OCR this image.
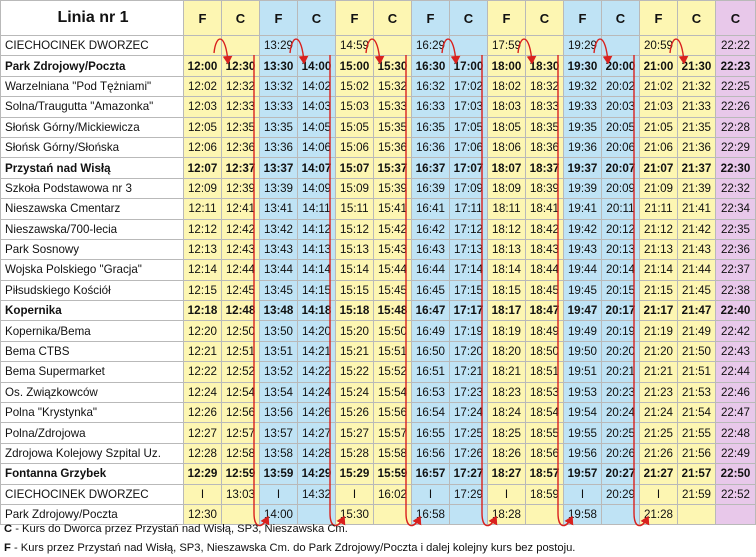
Linia nr 1	F	C	F	C	F	C	F	C	F	C	F	C	F	C	C
CIECHOCINEK DWORZEC			13:29		14:59		16:29		17:59		19:29		20:59		22:22
Park Zdrojowy/Poczta	12:00	12:30	13:30	14:00	15:00	15:30	16:30	17:00	18:00	18:30	19:30	20:00	21:00	21:30	22:23
Warzelniana "Pod Tężniami"	12:02	12:32	13:32	14:02	15:02	15:32	16:32	17:02	18:02	18:32	19:32	20:02	21:02	21:32	22:25
Solna/Traugutta "Amazonka"	12:03	12:33	13:33	14:03	15:03	15:33	16:33	17:03	18:03	18:33	19:33	20:03	21:03	21:33	22:26
Słońsk Górny/Mickiewicza	12:05	12:35	13:35	14:05	15:05	15:35	16:35	17:05	18:05	18:35	19:35	20:05	21:05	21:35	22:28
Słońsk Górny/Słońska	12:06	12:36	13:36	14:06	15:06	15:36	16:36	17:06	18:06	18:36	19:36	20:06	21:06	21:36	22:29
Przystań nad Wisłą	12:07	12:37	13:37	14:07	15:07	15:37	16:37	17:07	18:07	18:37	19:37	20:07	21:07	21:37	22:30
Szkoła Podstawowa nr 3	12:09	12:39	13:39	14:09	15:09	15:39	16:39	17:09	18:09	18:39	19:39	20:09	21:09	21:39	22:32
Nieszawska Cmentarz	12:11	12:41	13:41	14:11	15:11	15:41	16:41	17:11	18:11	18:41	19:41	20:11	21:11	21:41	22:34
Nieszawska/700-lecia	12:12	12:42	13:42	14:12	15:12	15:42	16:42	17:12	18:12	18:42	19:42	20:12	21:12	21:42	22:35
Park Sosnowy	12:13	12:43	13:43	14:13	15:13	15:43	16:43	17:13	18:13	18:43	19:43	20:13	21:13	21:43	22:36
Wojska Polskiego "Gracja"	12:14	12:44	13:44	14:14	15:14	15:44	16:44	17:14	18:14	18:44	19:44	20:14	21:14	21:44	22:37
Piłsudskiego Kościół	12:15	12:45	13:45	14:15	15:15	15:45	16:45	17:15	18:15	18:45	19:45	20:15	21:15	21:45	22:38
Kopernika	12:18	12:48	13:48	14:18	15:18	15:48	16:47	17:17	18:17	18:47	19:47	20:17	21:17	21:47	22:40
Kopernika/Bema	12:20	12:50	13:50	14:20	15:20	15:50	16:49	17:19	18:19	18:49	19:49	20:19	21:19	21:49	22:42
Bema CTBS	12:21	12:51	13:51	14:21	15:21	15:51	16:50	17:20	18:20	18:50	19:50	20:20	21:20	21:50	22:43
Bema Supermarket	12:22	12:52	13:52	14:22	15:22	15:52	16:51	17:21	18:21	18:51	19:51	20:21	21:21	21:51	22:44
Os. Związkowców	12:24	12:54	13:54	14:24	15:24	15:54	16:53	17:23	18:23	18:53	19:53	20:23	21:23	21:53	22:46
Polna "Krystynka"	12:26	12:56	13:56	14:26	15:26	15:56	16:54	17:24	18:24	18:54	19:54	20:24	21:24	21:54	22:47
Polna/Zdrojowa	12:27	12:57	13:57	14:27	15:27	15:57	16:55	17:25	18:25	18:55	19:55	20:25	21:25	21:55	22:48
Zdrojowa Kolejowy Szpital Uz.	12:28	12:58	13:58	14:28	15:28	15:58	16:56	17:26	18:26	18:56	19:56	20:26	21:26	21:56	22:49
Fontanna Grzybek	12:29	12:59	13:59	14:29	15:29	15:59	16:57	17:27	18:27	18:57	19:57	20:27	21:27	21:57	22:50
CIECHOCINEK DWORZEC	I	13:03	I	14:32	I	16:02	I	17:29	I	18:59	I	20:29	I	21:59	22:52
Park Zdrojowy/Poczta	12:30		14:00		15:30		16:58		18:28		19:58		21:28		
C - Kurs do Dworca przez Przystań nad Wisłą, SP3, Nieszawska Cm.
F - Kurs przez Przystań nad Wisłą, SP3, Nieszawska Cm. do Park Zdrojowy/Poczta i dalej kolejny kurs bez postoju.
